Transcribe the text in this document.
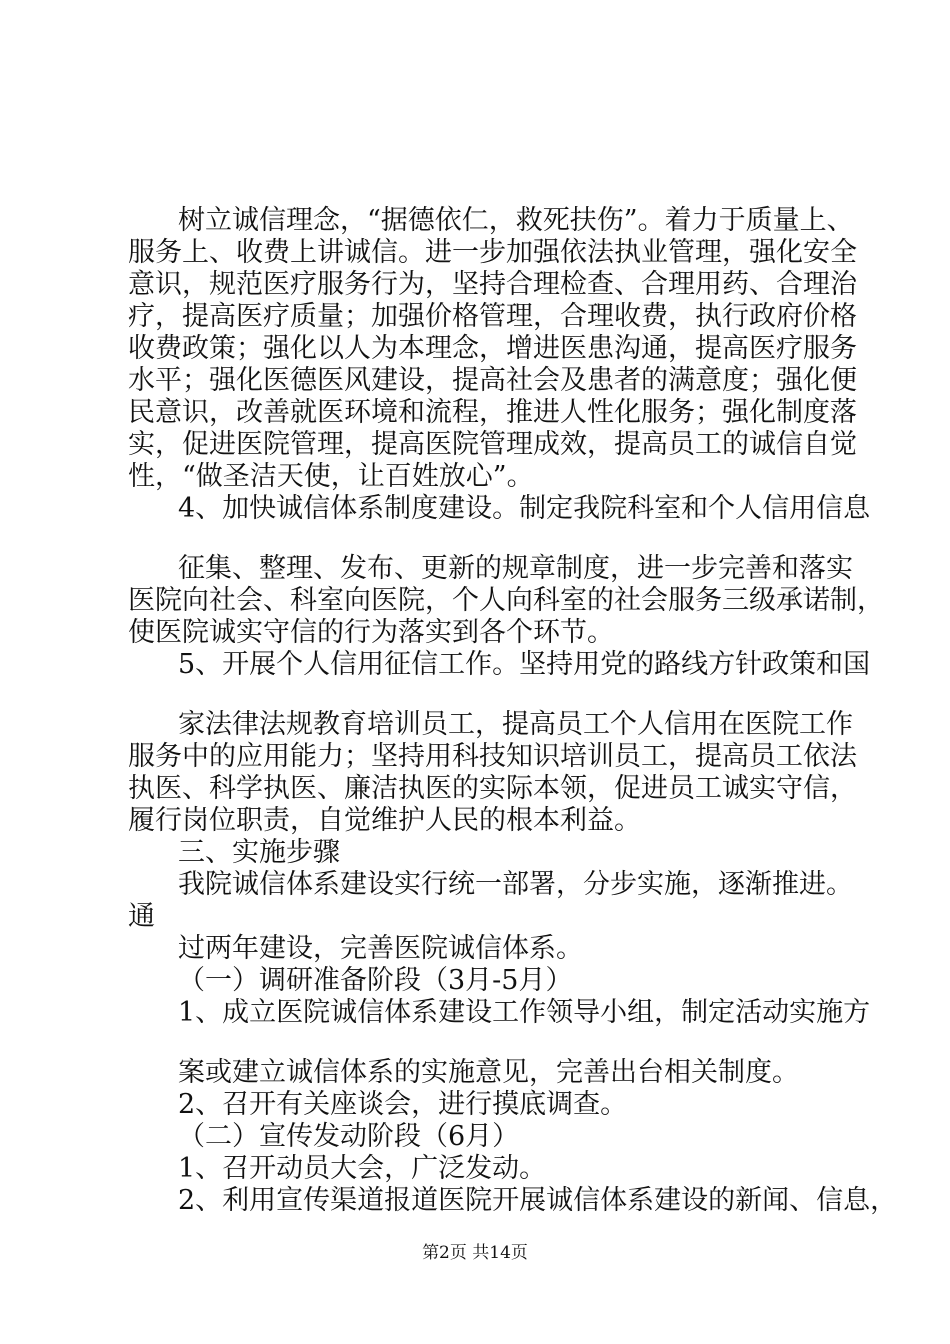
树立诚信理念，“据德依仁，救死扶伤”。着力于质量上、
服务上、收费上讲诚信。进一步加强依法执业管理，强化安全
意识，规范医疗服务行为，坚持合理检查、合理用药、合理治
疗，提高医疗质量；加强价格管理，合理收费，执行政府价格
收费政策；强化以人为本理念，增进医患沟通，提高医疗服务
水平；强化医德医风建设，提高社会及患者的满意度；强化便
民意识，改善就医环境和流程，推进人性化服务；强化制度落
实，促进医院管理，提高医院管理成效，提高员工的诚信自觉
性，“做圣洁天使，让百姓放心”。
4、加快诚信体系制度建设。制定我院科室和个人信用信息
征集、整理、发布、更新的规章制度，进一步完善和落实
医院向社会、科室向医院，个人向科室的社会服务三级承诺制，
使医院诚实守信的行为落实到各个环节。
5、开展个人信用征信工作。坚持用党的路线方针政策和国
家法律法规教育培训员工，提高员工个人信用在医院工作
服务中的应用能力；坚持用科技知识培训员工，提高员工依法
执医、科学执医、廉洁执医的实际本领，促进员工诚实守信，
履行岗位职责，自觉维护人民的根本利益。
三、实施步骤
我院诚信体系建设实行统一部署，分步实施，逐渐推进。
通
过两年建设，完善医院诚信体系。
（一）调研准备阶段（3月-5月）
1、成立医院诚信体系建设工作领导小组，制定活动实施方
案或建立诚信体系的实施意见，完善出台相关制度。
2、召开有关座谈会，进行摸底调查。
（二）宣传发动阶段（6月）
1、召开动员大会，广泛发动。
2、利用宣传渠道报道医院开展诚信体系建设的新闻、信息，
第2页 共14页
